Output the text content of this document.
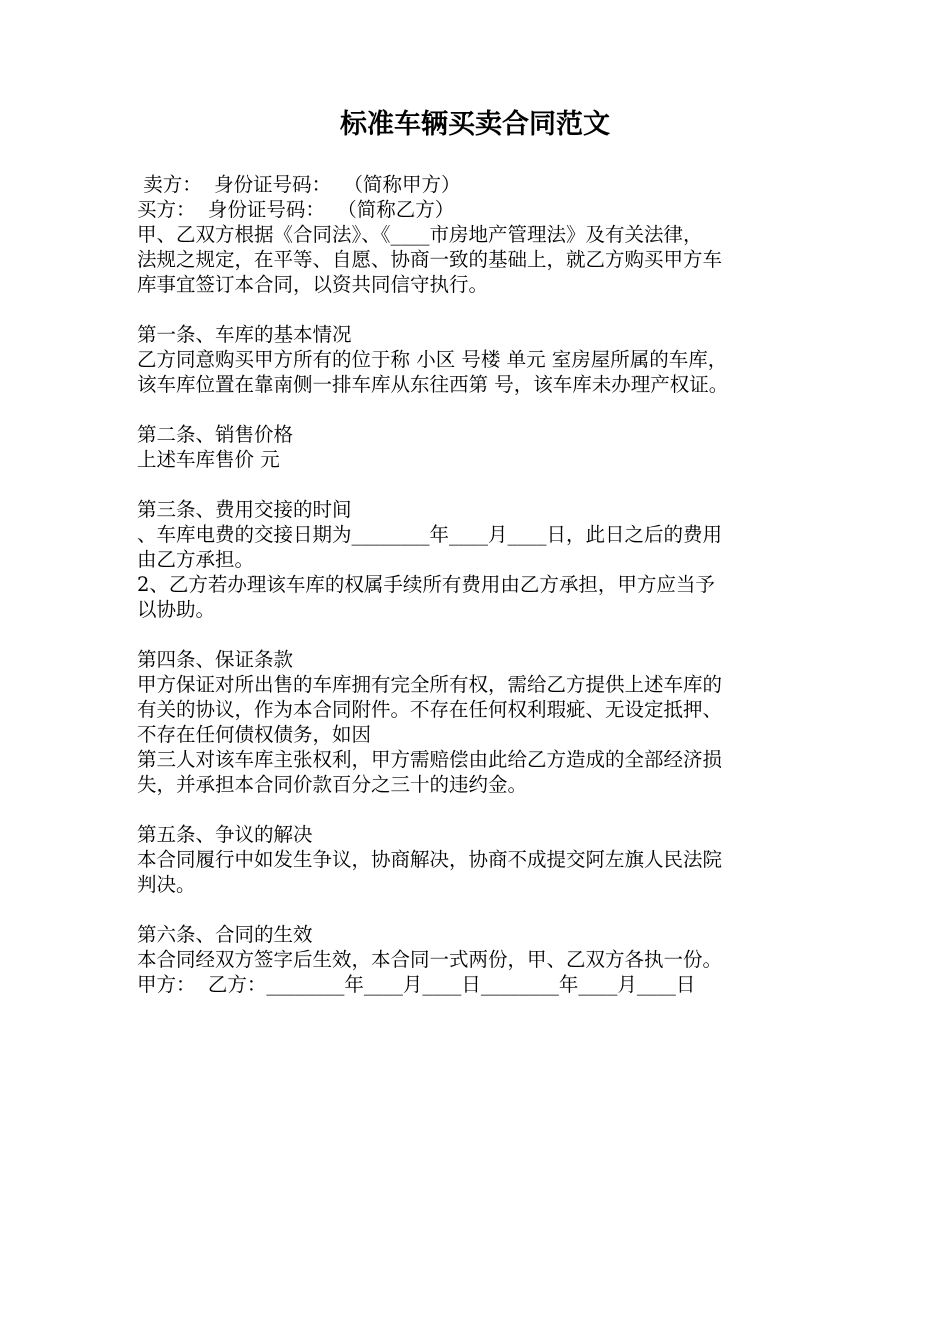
标准车辆买卖合同范文
卖方：  身份证号码：  （简称甲方）
买方：  身份证号码：  （简称乙方）
甲、乙双方根据《合同法》、《____市房地产管理法》及有关法律，
法规之规定，在平等、自愿、协商一致的基础上，就乙方购买甲方车
库事宜签订本合同，以资共同信守执行。
第一条、车库的基本情况
乙方同意购买甲方所有的位于称 小区 号楼 单元 室房屋所属的车库，
该车库位置在靠南侧一排车库从东往西第 号，该车库未办理产权证。
第二条、销售价格
上述车库售价 元
第三条、费用交接的时间
、车库电费的交接日期为________年____月____日，此日之后的费用
由乙方承担。
2、乙方若办理该车库的权属手续所有费用由乙方承担，甲方应当予
以协助。
第四条、保证条款
甲方保证对所出售的车库拥有完全所有权，需给乙方提供上述车库的
有关的协议，作为本合同附件。不存在任何权利瑕疵、无设定抵押、
不存在任何债权债务，如因
第三人对该车库主张权利，甲方需赔偿由此给乙方造成的全部经济损
失，并承担本合同价款百分之三十的违约金。
第五条、争议的解决
本合同履行中如发生争议，协商解决，协商不成提交阿左旗人民法院
判决。
第六条、合同的生效
本合同经双方签字后生效，本合同一式两份，甲、乙双方各执一份。
甲方：  乙方：________年____月____日________年____月____日
